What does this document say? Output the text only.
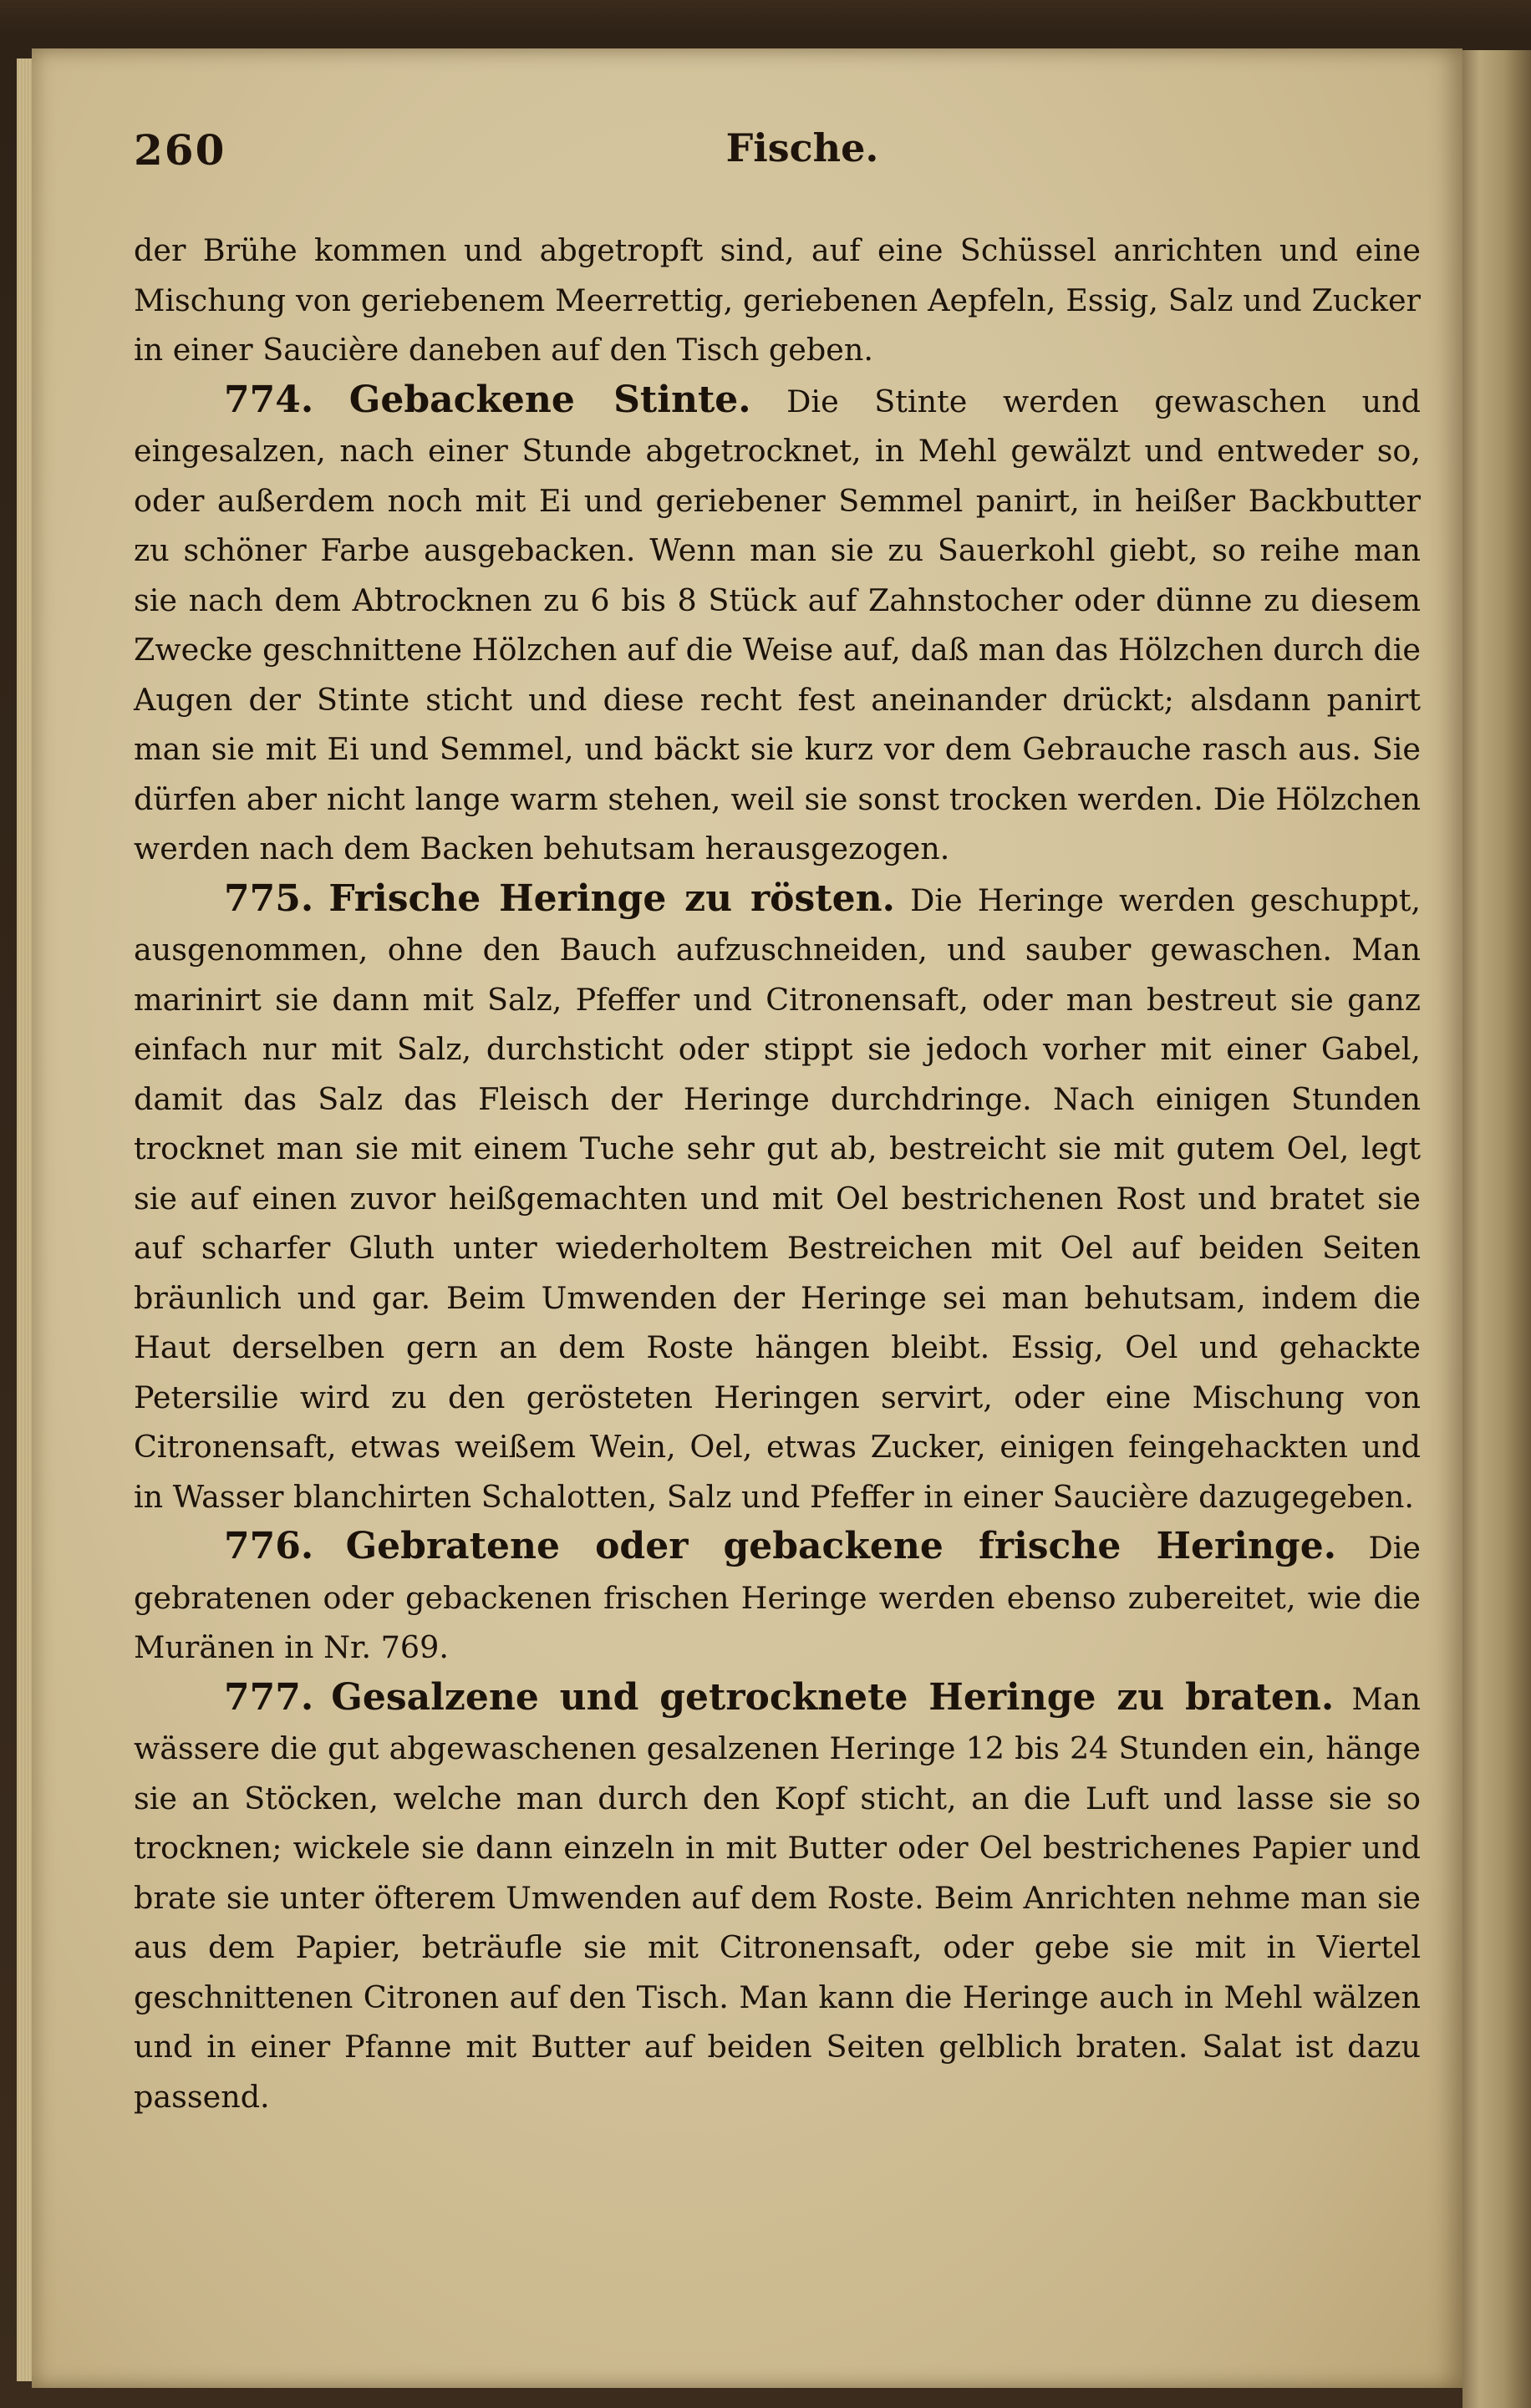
260	Fische.

der Brühe kommen und abgetropft sind, auf eine Schüssel anrichten und eine Mischung von geriebenem Meerrettig, geriebenen Aepfeln, Essig, Salz und Zucker in einer Saucière daneben auf den Tisch geben.

774. Gebackene Stinte. Die Stinte werden gewaschen und eingesalzen, nach einer Stunde abgetrocknet, in Mehl gewälzt und entweder so, oder außerdem noch mit Ei und geriebener Semmel panirt, in heißer Backbutter zu schöner Farbe ausgebacken. Wenn man sie zu Sauerkohl giebt, so reihe man sie nach dem Abtrocknen zu 6 bis 8 Stück auf Zahnstocher oder dünne zu diesem Zwecke geschnittene Hölzchen auf die Weise auf, daß man das Hölzchen durch die Augen der Stinte sticht und diese recht fest aneinander drückt; alsdann panirt man sie mit Ei und Semmel, und bäckt sie kurz vor dem Gebrauche rasch aus. Sie dürfen aber nicht lange warm stehen, weil sie sonst trocken werden. Die Hölzchen werden nach dem Backen behutsam herausgezogen.

775. Frische Heringe zu rösten. Die Heringe werden geschuppt, ausgenommen, ohne den Bauch aufzuschneiden, und sauber gewaschen. Man marinirt sie dann mit Salz, Pfeffer und Citronensaft, oder man bestreut sie ganz einfach nur mit Salz, durchsticht oder stippt sie jedoch vorher mit einer Gabel, damit das Salz das Fleisch der Heringe durchdringe. Nach einigen Stunden trocknet man sie mit einem Tuche sehr gut ab, bestreicht sie mit gutem Oel, legt sie auf einen zuvor heißgemachten und mit Oel bestrichenen Rost und bratet sie auf scharfer Gluth unter wiederholtem Bestreichen mit Oel auf beiden Seiten bräunlich und gar. Beim Umwenden der Heringe sei man behutsam, indem die Haut derselben gern an dem Roste hängen bleibt. Essig, Oel und gehackte Petersilie wird zu den gerösteten Heringen servirt, oder eine Mischung von Citronensaft, etwas weißem Wein, Oel, etwas Zucker, einigen feingehackten und in Wasser blanchirten Schalotten, Salz und Pfeffer in einer Saucière dazugegeben.

776. Gebratene oder gebackene frische Heringe. Die gebratenen oder gebackenen frischen Heringe werden ebenso zubereitet, wie die Muränen in Nr. 769.

777. Gesalzene und getrocknete Heringe zu braten. Man wässere die gut abgewaschenen gesalzenen Heringe 12 bis 24 Stunden ein, hänge sie an Stöcken, welche man durch den Kopf sticht, an die Luft und lasse sie so trocknen; wickele sie dann einzeln in mit Butter oder Oel bestrichenes Papier und brate sie unter öfterem Umwenden auf dem Roste. Beim Anrichten nehme man sie aus dem Papier, beträufle sie mit Citronensaft, oder gebe sie mit in Viertel geschnittenen Citronen auf den Tisch. Man kann die Heringe auch in Mehl wälzen und in einer Pfanne mit Butter auf beiden Seiten gelblich braten. Salat ist dazu passend.
